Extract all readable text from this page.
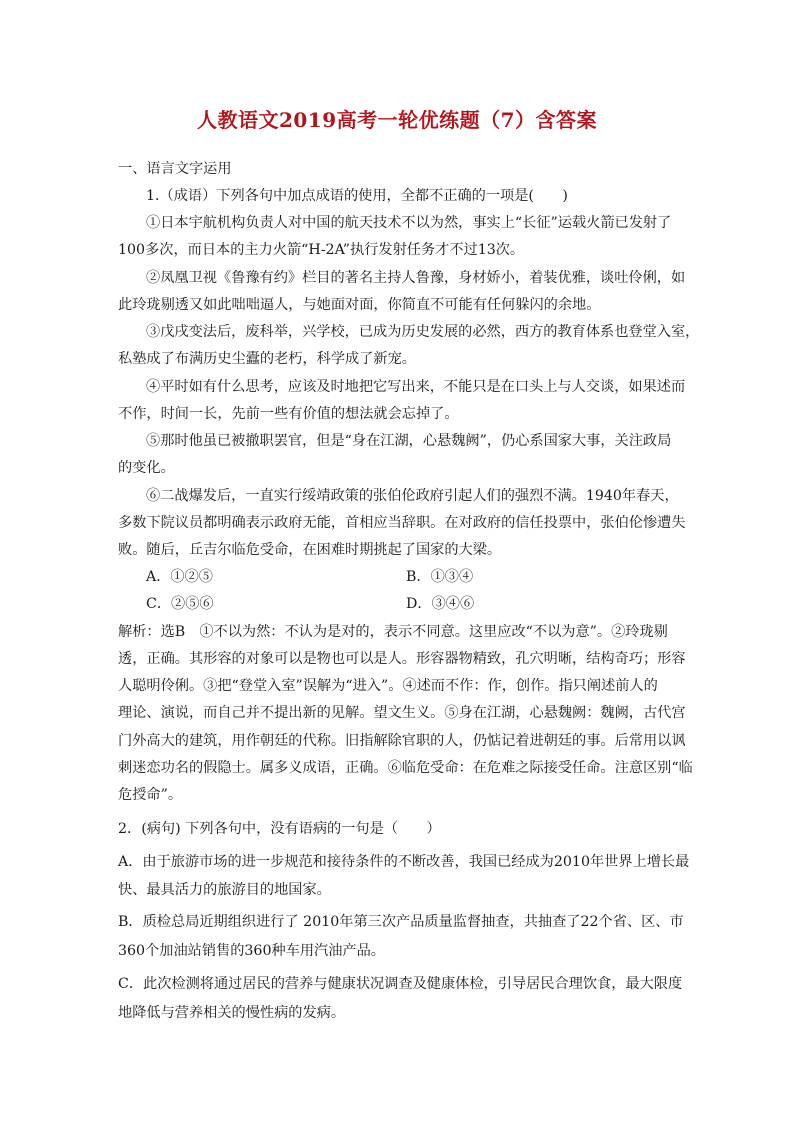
人教语文2019高考一轮优练题（7）含答案
一、语言文字运用
1.（成语）下列各句中加点成语的使用，全都不正确的一项是(　　)
①日本宇航机构负责人对中国的航天技术不以为然，事实上“长征”运载火箭已发射了
100多次，而日本的主力火箭“H-2A”执行发射任务才不过13次。
②凤凰卫视《鲁豫有约》栏目的著名主持人鲁豫，身材娇小，着装优雅，谈吐伶俐，如
此玲珑剔透又如此咄咄逼人，与她面对面，你简直不可能有任何躲闪的余地。
③戊戌变法后，废科举，兴学校，已成为历史发展的必然，西方的教育体系也登堂入室，
私塾成了布满历史尘蠹的老朽，科学成了新宠。
④平时如有什么思考，应该及时地把它写出来，不能只是在口头上与人交谈，如果述而
不作，时间一长，先前一些有价值的想法就会忘掉了。
⑤那时他虽已被撤职罢官，但是“身在江湖，心悬魏阙”，仍心系国家大事，关注政局
的变化。
⑥二战爆发后，一直实行绥靖政策的张伯伦政府引起人们的强烈不满。1940年春天，
多数下院议员都明确表示政府无能，首相应当辞职。在对政府的信任投票中，张伯伦惨遭失
败。随后，丘吉尔临危受命，在困难时期挑起了国家的大梁。
A．①②⑤	B．①③④
C．②⑤⑥	D．③④⑥
解析：选B　①不以为然：不认为是对的，表示不同意。这里应改“不以为意”。②玲珑剔
透，正确。其形容的对象可以是物也可以是人。形容器物精致，孔穴明晰，结构奇巧；形容
人聪明伶俐。③把“登堂入室”误解为“进入”。④述而不作：作，创作。指只阐述前人的
理论、演说，而自己并不提出新的见解。望文生义。⑤身在江湖，心悬魏阙：魏阙，古代宫
门外高大的建筑，用作朝廷的代称。旧指解除官职的人，仍惦记着进朝廷的事。后常用以讽
刺迷恋功名的假隐士。属多义成语，正确。⑥临危受命：在危难之际接受任命。注意区别“临
危授命”。
2．(病句) 下列各句中，没有语病的一句是（　　）
A．由于旅游市场的进一步规范和接待条件的不断改善，我国已经成为2010年世界上增长最
快、最具活力的旅游目的地国家。
B．质检总局近期组织进行了 2010年第三次产品质量监督抽查，共抽查了22个省、区、市
360个加油站销售的360种车用汽油产品。
C．此次检测将通过居民的营养与健康状况调查及健康体检，引导居民合理饮食，最大限度
地降低与营养相关的慢性病的发病。
